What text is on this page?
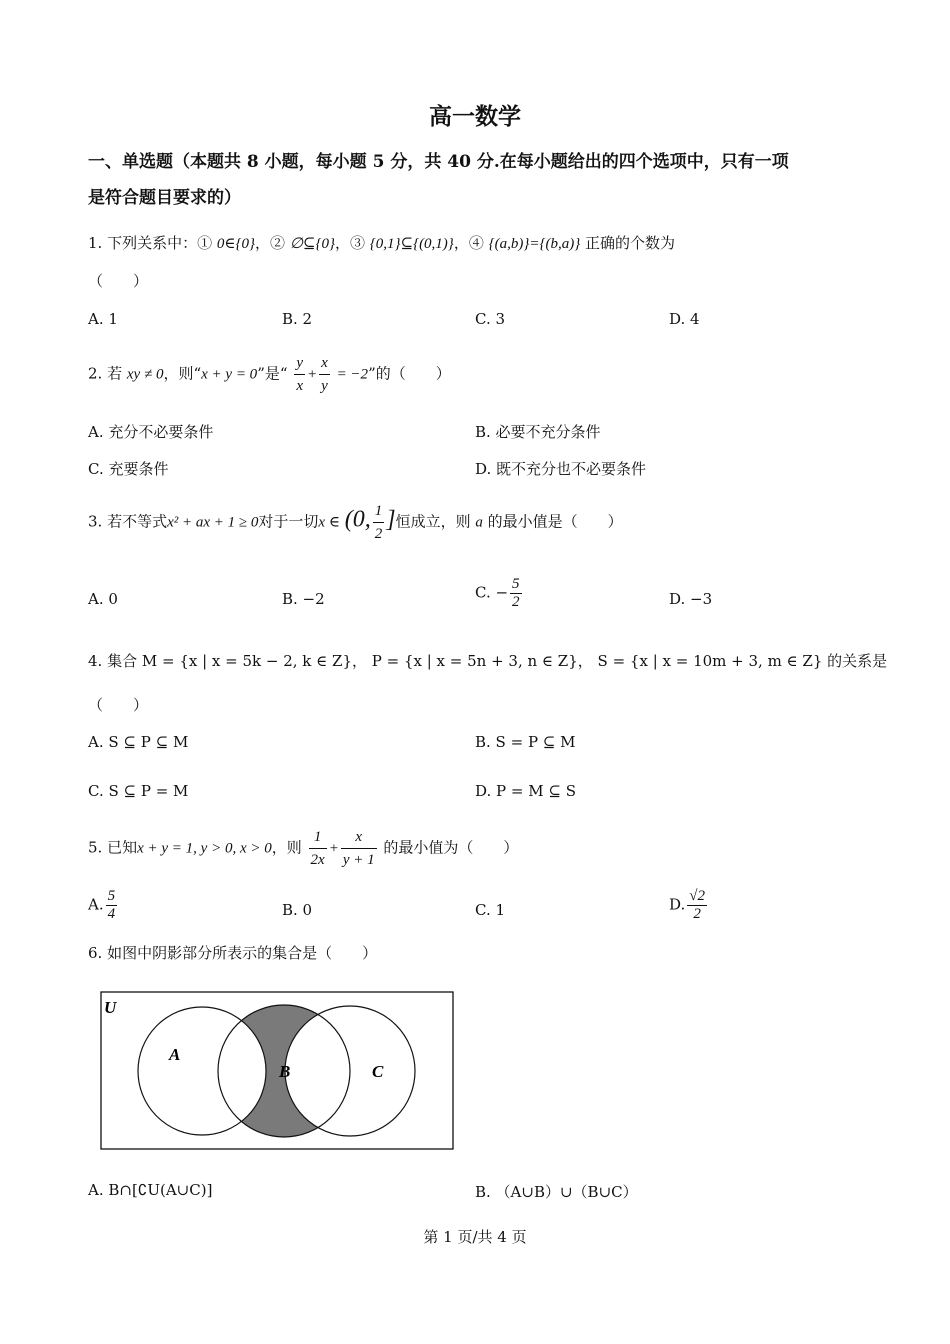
高一数学
一、单选题（本题共 8 小题，每小题 5 分，共 40 分.在每小题给出的四个选项中，只有一项
是符合题目要求的）
1. 下列关系中：① 0∈{0}，② ∅⊆{0}，③ {0,1}⊆{(0,1)}，④ {(a,b)}={(b,a)} 正确的个数为
（　　）
A. 1	B. 2	C. 3	D. 4
2. 若 xy ≠ 0，则“x + y = 0”是“ $\frac{y}{x} + \frac{x}{y} = -2$”的（　　）
A. 充分不必要条件	B. 必要不充分条件
C. 充要条件	D. 既不充分也不必要条件
3. 若不等式x² + ax + 1 ≥ 0对于一切x ∈ (0, $\frac{1}{2}$ ]恒成立，则 a 的最小值是（　　）
A. 0	B. −2	C. − $\frac{5}{2}$	D. −3
4. 集合 M = {x | x = 5k − 2, k ∈ Z}， P = {x | x = 5n + 3, n ∈ Z}， S = {x | x = 10m + 3, m ∈ Z} 的关系是
（　　）
A. S ⊆ P ⊆ M	B. S = P ⊆ M
C. S ⊆ P = M	D. P = M ⊆ S
5. 已知x + y = 1, y > 0, x > 0，则 $\frac{1}{2x} + \frac{x}{y + 1}$ 的最小值为（　　）
A. $\frac{5}{4}$	B. 0	C. 1	D. $\frac{√2}{2}$
6. 如图中阴影部分所表示的集合是（　　）
U
A
B	C
A. B∩[∁U(A∪C)]	B. （A∪B）∪（B∪C）
第 1 页/共 4 页
